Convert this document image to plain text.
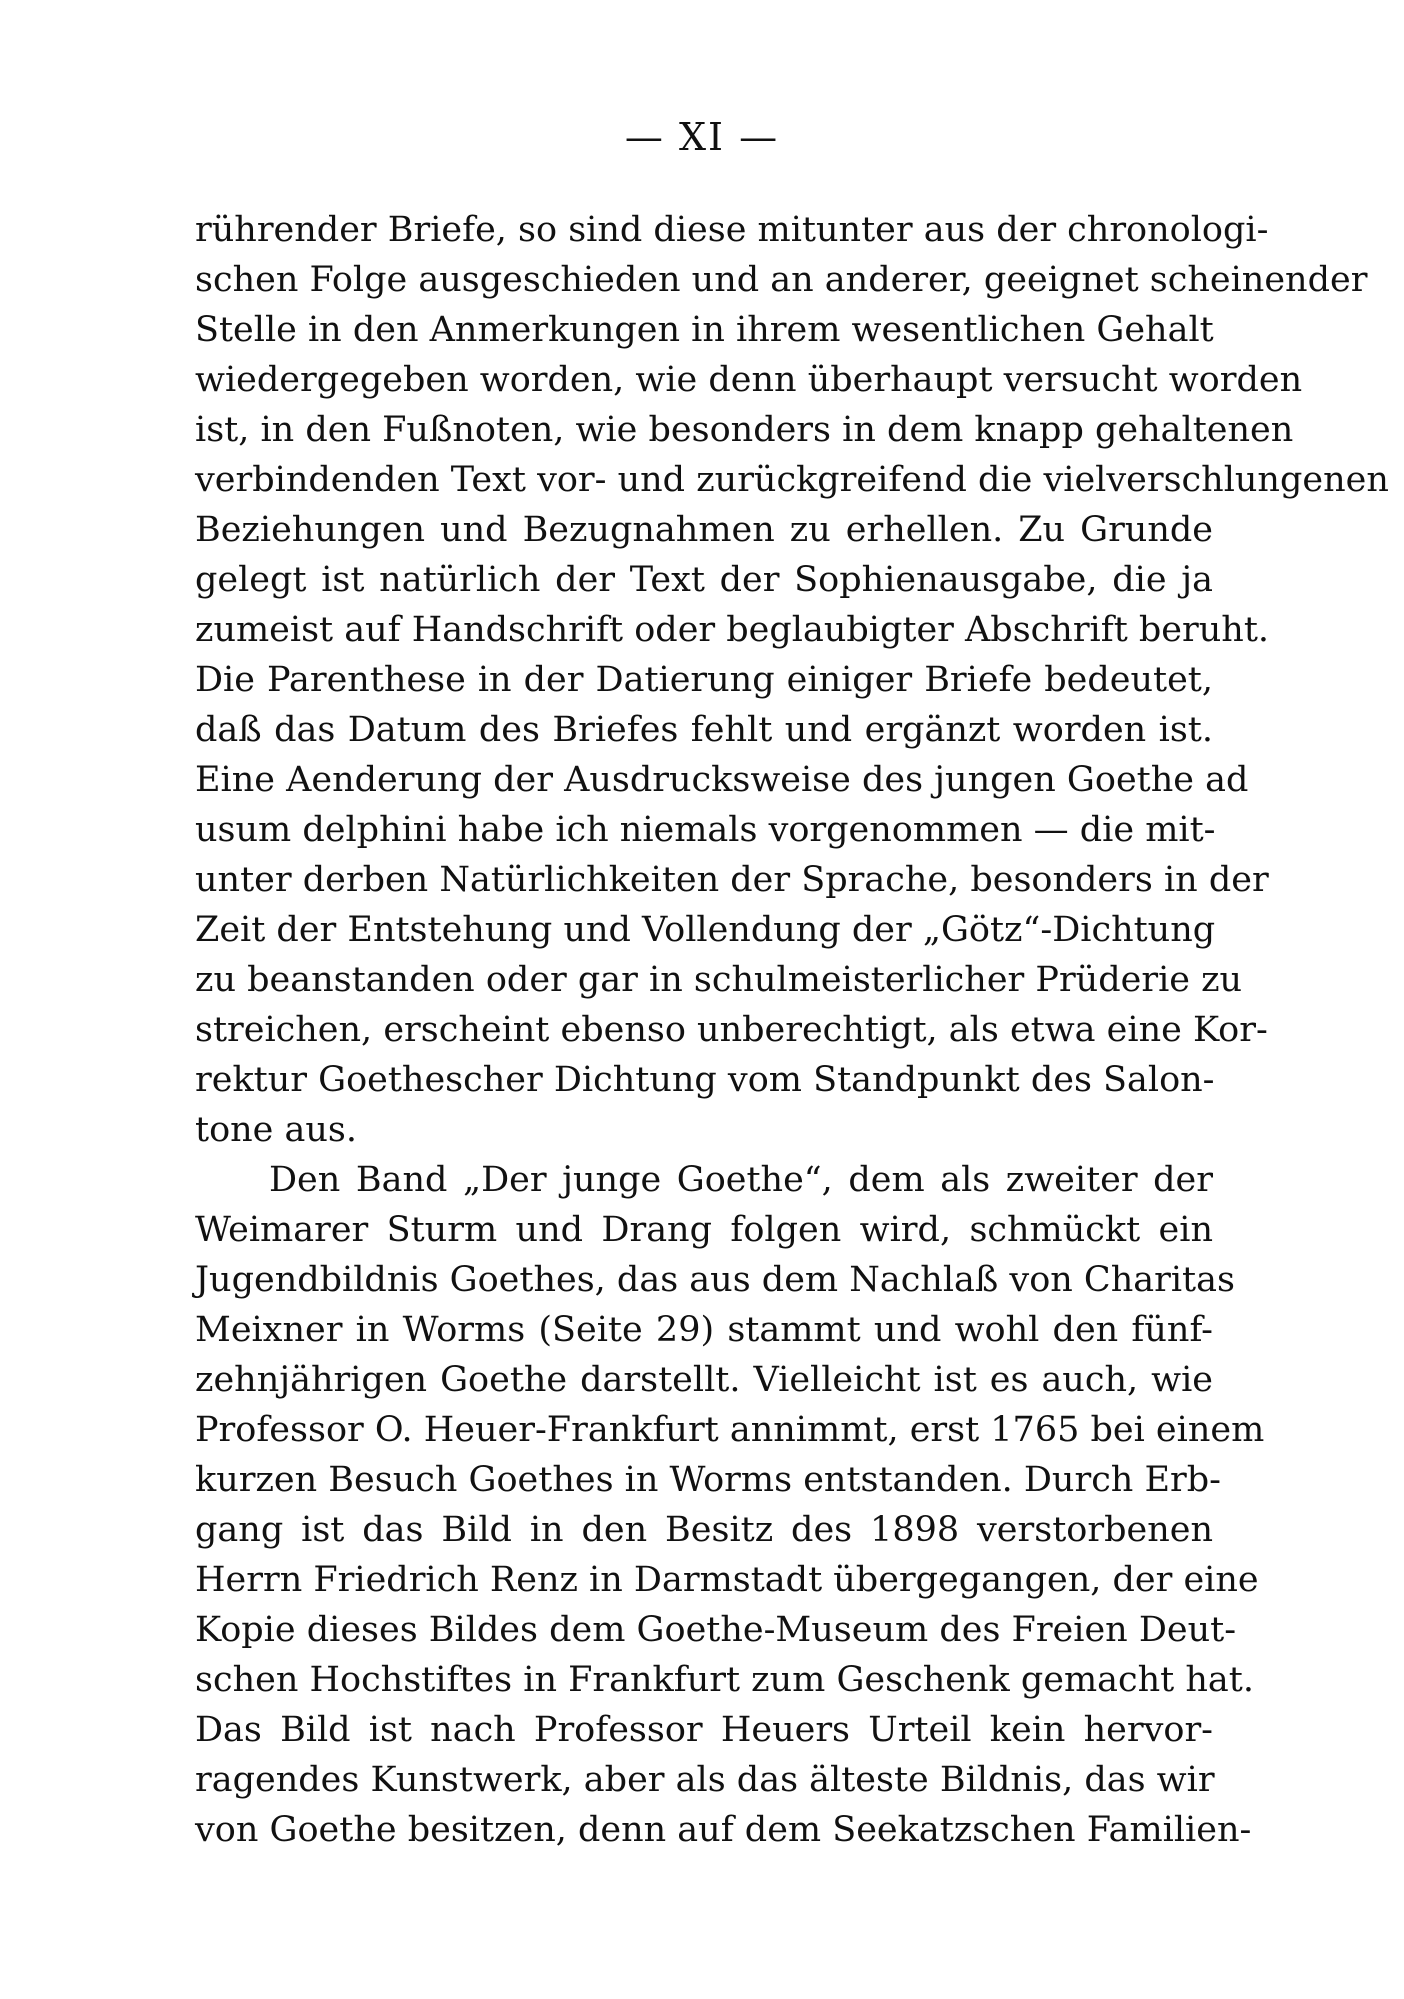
— XI —
rührender Briefe, so sind diese mitunter aus der chronologi-
schen Folge ausgeschieden und an anderer, geeignet scheinender
Stelle in den Anmerkungen in ihrem wesentlichen Gehalt
wiedergegeben worden, wie denn überhaupt versucht worden
ist, in den Fußnoten, wie besonders in dem knapp gehaltenen
verbindenden Text vor- und zurückgreifend die vielverschlungenen
Beziehungen und Bezugnahmen zu erhellen. Zu Grunde
gelegt ist natürlich der Text der Sophienausgabe, die ja
zumeist auf Handschrift oder beglaubigter Abschrift beruht.
Die Parenthese in der Datierung einiger Briefe bedeutet,
daß das Datum des Briefes fehlt und ergänzt worden ist.
Eine Aenderung der Ausdrucksweise des jungen Goethe ad
usum delphini habe ich niemals vorgenommen — die mit-
unter derben Natürlichkeiten der Sprache, besonders in der
Zeit der Entstehung und Vollendung der „Götz“-Dichtung
zu beanstanden oder gar in schulmeisterlicher Prüderie zu
streichen, erscheint ebenso unberechtigt, als etwa eine Kor-
rektur Goethescher Dichtung vom Standpunkt des Salon-
tone aus.
Den Band „Der junge Goethe“, dem als zweiter der
Weimarer Sturm und Drang folgen wird, schmückt ein
Jugendbildnis Goethes, das aus dem Nachlaß von Charitas
Meixner in Worms (Seite 29) stammt und wohl den fünf-
zehnjährigen Goethe darstellt. Vielleicht ist es auch, wie
Professor O. Heuer-Frankfurt annimmt, erst 1765 bei einem
kurzen Besuch Goethes in Worms entstanden. Durch Erb-
gang ist das Bild in den Besitz des 1898 verstorbenen
Herrn Friedrich Renz in Darmstadt übergegangen, der eine
Kopie dieses Bildes dem Goethe-Museum des Freien Deut-
schen Hochstiftes in Frankfurt zum Geschenk gemacht hat.
Das Bild ist nach Professor Heuers Urteil kein hervor-
ragendes Kunstwerk, aber als das älteste Bildnis, das wir
von Goethe besitzen, denn auf dem Seekatzschen Familien-
